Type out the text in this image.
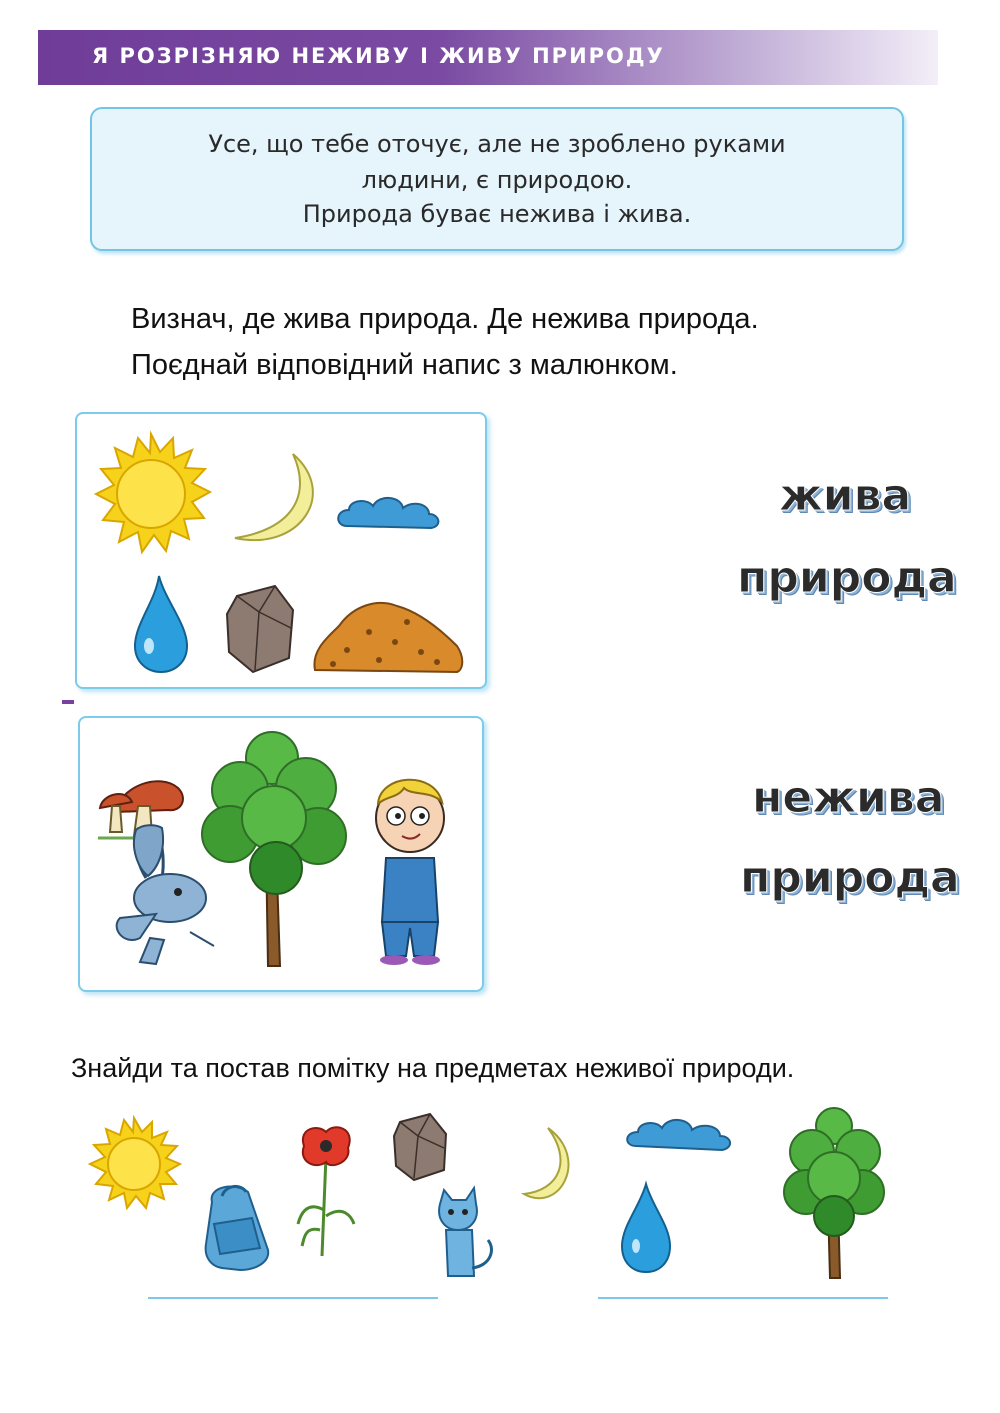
Я РОЗРІЗНЯЮ НЕЖИВУ І ЖИВУ ПРИРОДУ
Усе, що тебе оточує, але не зроблено руками
людини, є природою.
Природа буває нежива і жива.
Визнач, де жива природа. Де нежива природа.
Поєднай відповідний напис з малюнком.
жива
природа
нежива
природа
Знайди та постав помітку на предметах неживої природи.
